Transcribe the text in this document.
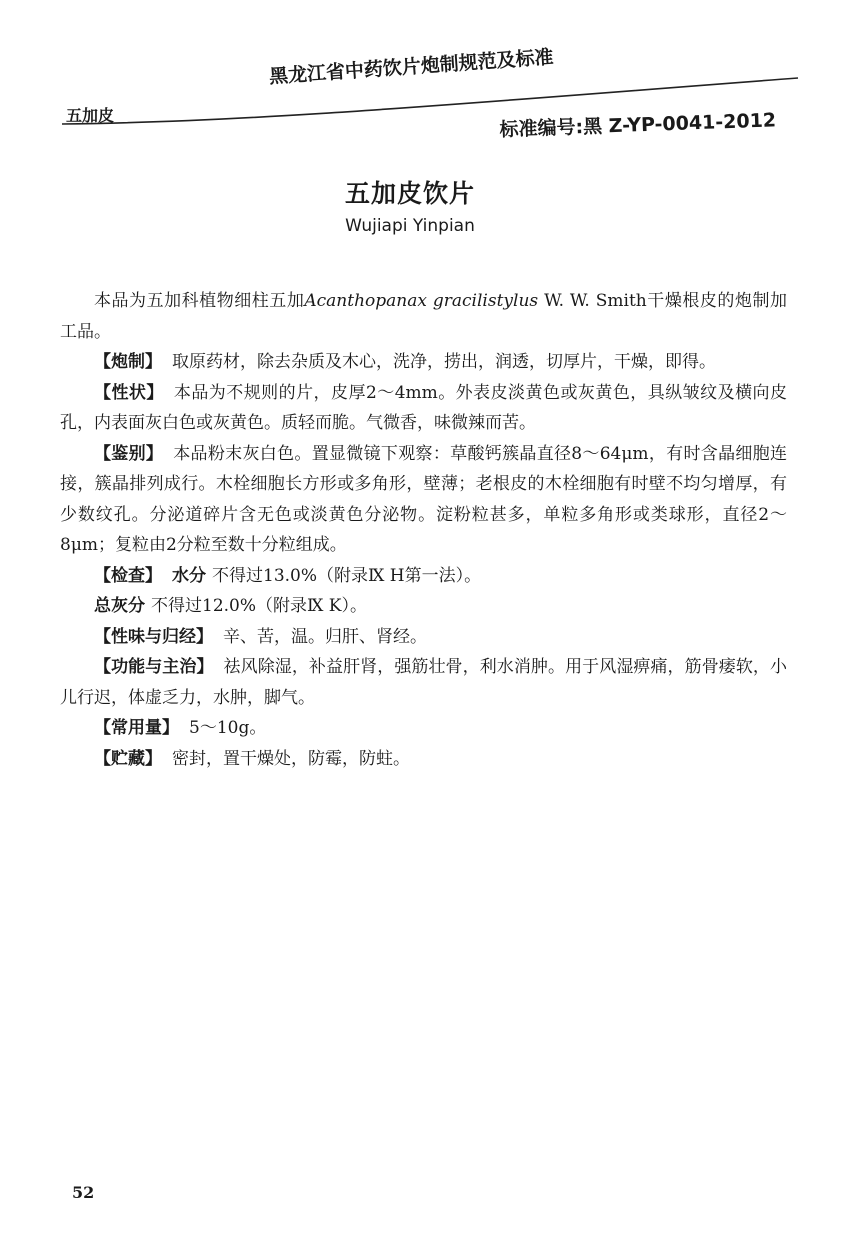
五加皮
黑龙江省中药饮片炮制规范及标准
标准编号:黑 Z-YP-0041-2012
五加皮饮片
Wujiapi Yinpian

本品为五加科植物细柱五加Acanthopanax gracilistylus W. W. Smith干燥根皮的炮制加工品。

【炮制】 取原药材，除去杂质及木心，洗净，捞出，润透，切厚片，干燥，即得。

【性状】 本品为不规则的片，皮厚2～4mm。外表皮淡黄色或灰黄色，具纵皱纹及横向皮孔，内表面灰白色或灰黄色。质轻而脆。气微香，味微辣而苦。

【鉴别】 本品粉末灰白色。置显微镜下观察：草酸钙簇晶直径8～64μm，有时含晶细胞连接，簇晶排列成行。木栓细胞长方形或多角形，壁薄；老根皮的木栓细胞有时壁不均匀增厚，有少数纹孔。分泌道碎片含无色或淡黄色分泌物。淀粉粒甚多，单粒多角形或类球形，直径2～8μm；复粒由2分粒至数十分粒组成。

【检查】 水分 不得过13.0%（附录Ⅸ H第一法）。

总灰分 不得过12.0%（附录Ⅸ K）。

【性味与归经】 辛、苦，温。归肝、肾经。

【功能与主治】 祛风除湿，补益肝肾，强筋壮骨，利水消肿。用于风湿痹痛，筋骨痿软，小儿行迟，体虚乏力，水肿，脚气。

【常用量】 5～10g。

【贮藏】 密封，置干燥处，防霉，防蛀。

52
